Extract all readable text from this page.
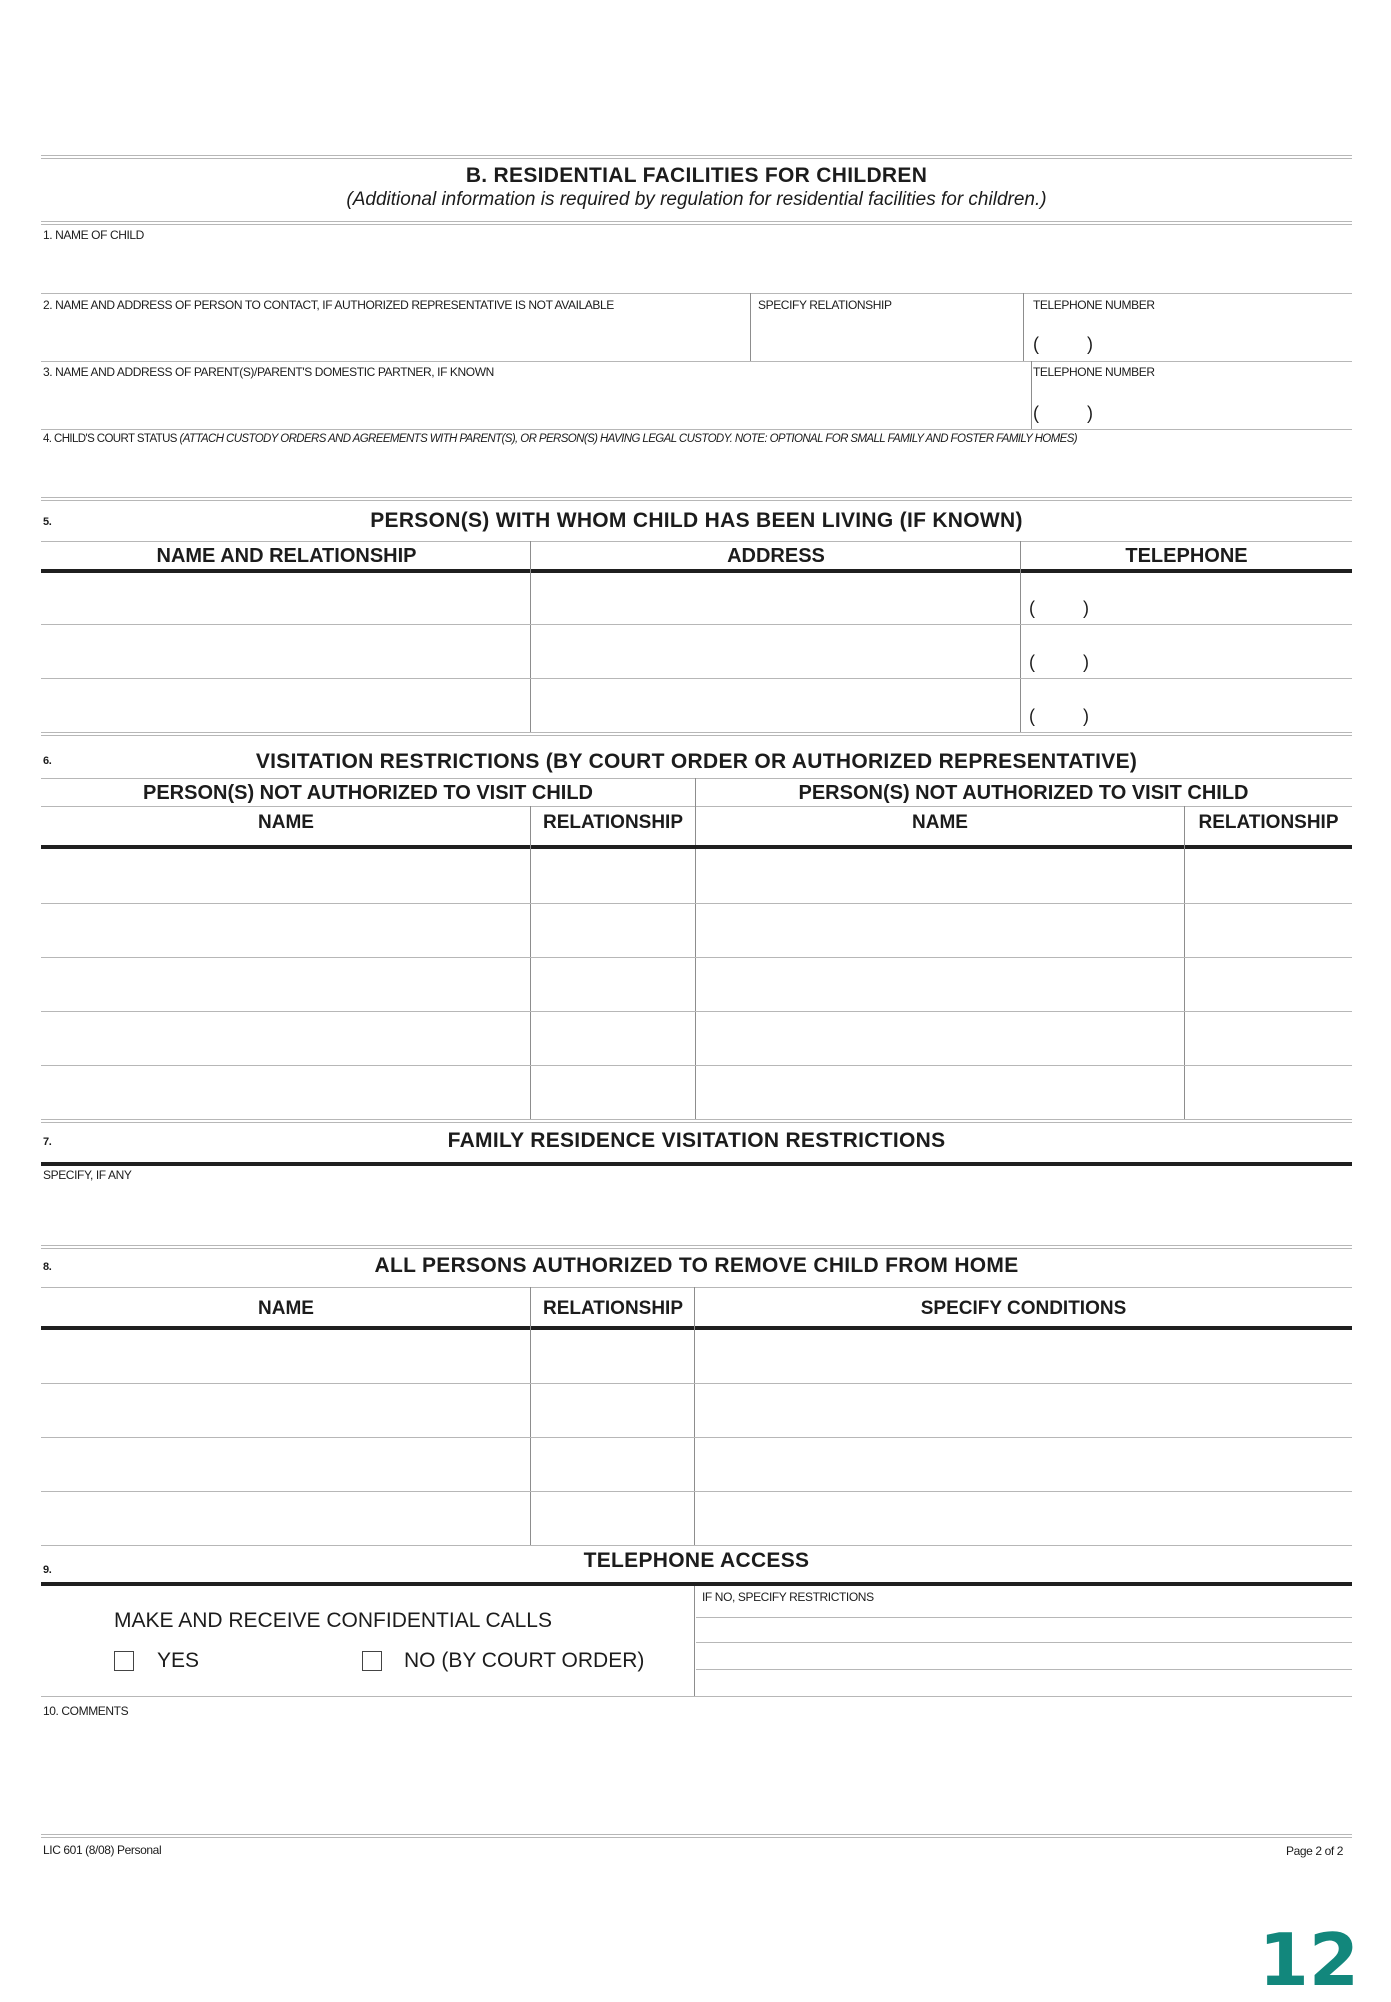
B. RESIDENTIAL FACILITIES FOR CHILDREN
(Additional information is required by regulation for residential facilities for children.)
1. NAME OF CHILD
2. NAME AND ADDRESS OF PERSON TO CONTACT, IF AUTHORIZED REPRESENTATIVE IS NOT AVAILABLE	SPECIFY RELATIONSHIP	TELEPHONE NUMBER
(	)
3. NAME AND ADDRESS OF PARENT(S)/PARENT'S DOMESTIC PARTNER, IF KNOWN	TELEPHONE NUMBER
(	)
4. CHILD'S COURT STATUS (ATTACH CUSTODY ORDERS AND AGREEMENTS WITH PARENT(S), OR PERSON(S) HAVING LEGAL CUSTODY. NOTE: OPTIONAL FOR SMALL FAMILY AND FOSTER FAMILY HOMES)
5.	PERSON(S) WITH WHOM CHILD HAS BEEN LIVING (IF KNOWN)
NAME AND RELATIONSHIP	ADDRESS	TELEPHONE
(	)
(	)
(	)
6.	VISITATION RESTRICTIONS (BY COURT ORDER OR AUTHORIZED REPRESENTATIVE)
PERSON(S) NOT AUTHORIZED TO VISIT CHILD	PERSON(S) NOT AUTHORIZED TO VISIT CHILD
NAME	RELATIONSHIP	NAME	RELATIONSHIP
7.	FAMILY RESIDENCE VISITATION RESTRICTIONS
SPECIFY, IF ANY
8.	ALL PERSONS AUTHORIZED TO REMOVE CHILD FROM HOME
NAME	RELATIONSHIP	SPECIFY CONDITIONS
9.	TELEPHONE ACCESS
MAKE AND RECEIVE CONFIDENTIAL CALLS
YES	NO (BY COURT ORDER)
IF NO, SPECIFY RESTRICTIONS
10. COMMENTS
LIC 601 (8/08) Personal	Page 2 of 2
12
